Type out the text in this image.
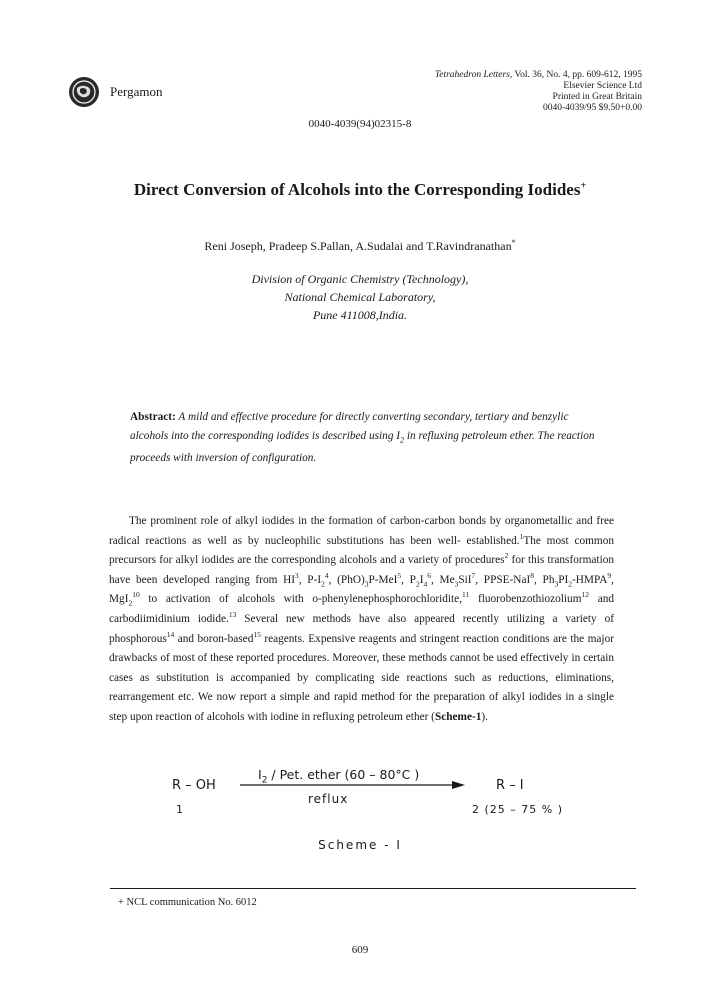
Pergamon
Tetrahedron Letters, Vol. 36, No. 4, pp. 609-612, 1995
Elsevier Science Ltd
Printed in Great Britain
0040-4039/95 $9.50+0.00
0040-4039(94)02315-8
Direct Conversion of Alcohols into the Corresponding Iodides+
Reni Joseph, Pradeep S.Pallan, A.Sudalai and T.Ravindranathan*
Division of Organic Chemistry (Technology),
National Chemical Laboratory,
Pune 411008,India.
Abstract: A mild and effective procedure for directly converting secondary, tertiary and benzylic alcohols into the corresponding iodides is described using $I_2$ in refluxing petroleum ether. The reaction proceeds with inversion of configuration.
The prominent role of alkyl iodides in the formation of carbon-carbon bonds by organometallic and free radical reactions as well as by nucleophilic substitutions has been well- established.$^1$The most common precursors for alkyl iodides are the corresponding alcohols and a variety of procedures$^2$ for this transformation have been developed ranging from $HI^3$, $P-I_2^4$, $(PhO)_3P-MeI^5$, $P_2I_4^6$, $Me_3SiI^7$, PPSE-NaI$^8$, $Ph_3PI_2-HMPA^9$, MgI$_2^{10}$ to activation of alcohols with o-phenylenephosphorochloridite,$^{11}$ fluorobenzothiozolium$^{12}$ and carbodiimidinium iodide.$^{13}$ Several new methods have also appeared recently utilizing a variety of phosphorous$^{14}$ and boron-based$^{15}$ reagents. Expensive reagents and stringent reaction conditions are the major drawbacks of most of these reported procedures. Moreover, these methods cannot be used effectively in certain cases as substitution is accompanied by complicating side reactions such as reductions, eliminations, rearrangement etc. We now report a simple and rapid method for the preparation of alkyl iodides in a single step upon reaction of alcohols with iodine in refluxing petroleum ether (Scheme-1).
R – OH
1
$I_2$ / Pet. ether (60 – 80°C )
reflux
R – I
2 (25 – 75 % )
Scheme - I
+ NCL communication No. 6012
609
